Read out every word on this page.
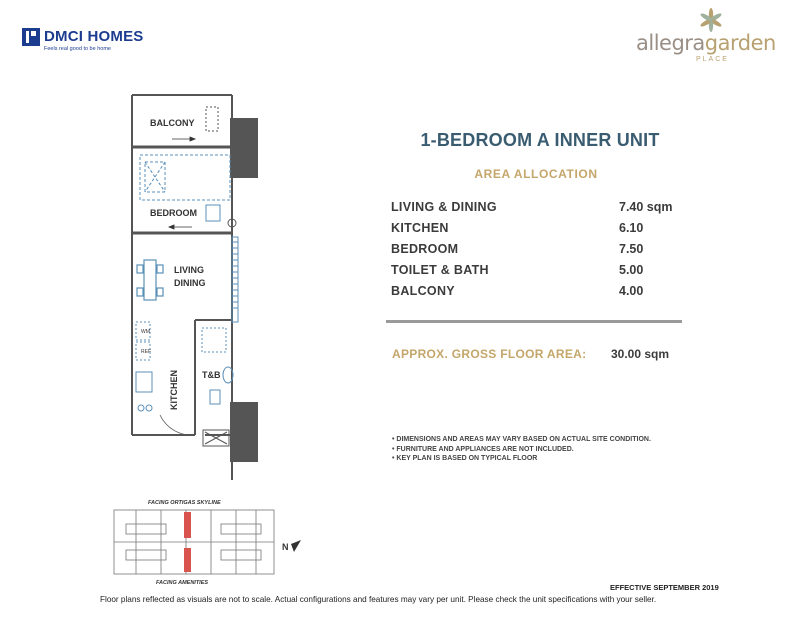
DMCI HOMES
Feels real good to be home	allegragarden
PLACE
BALCONY
BEDROOM
LIVING
DINING
T&B
WM
REF
KITCHEN
FACING ORTIGAS SKYLINE
FACING AMENITIES
N
1-BEDROOM A INNER UNIT
AREA ALLOCATION
LIVING & DINING	7.40 sqm
KITCHEN	6.10
BEDROOM	7.50
TOILET & BATH	5.00
BALCONY	4.00
APPROX. GROSS FLOOR AREA: 30.00 sqm
• DIMENSIONS AND AREAS MAY VARY BASED ON ACTUAL SITE CONDITION.
• FURNITURE AND APPLIANCES ARE NOT INCLUDED.
• KEY PLAN IS BASED ON TYPICAL FLOOR
EFFECTIVE SEPTEMBER 2019
Floor plans reflected as visuals are not to scale. Actual configurations and features may vary per unit. Please check the unit specifications with your seller.
